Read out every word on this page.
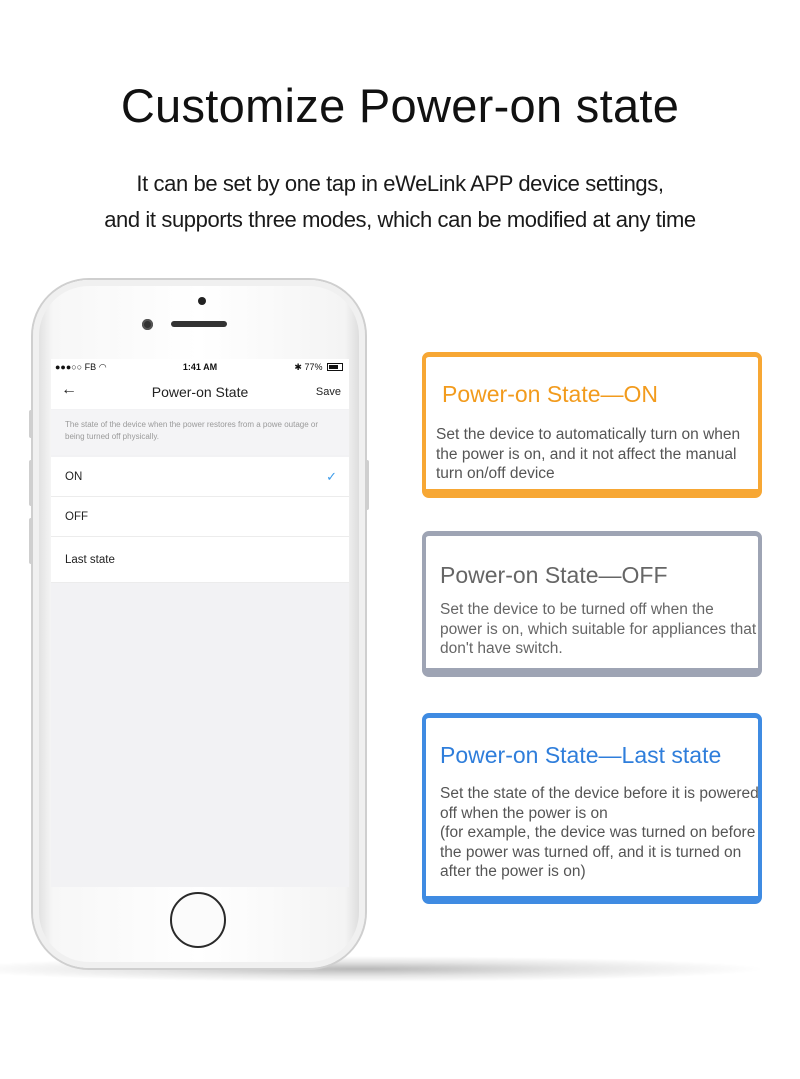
Customize Power-on state
It can be set by one tap in eWeLink APP device settings,
and it supports three modes, which can be modified at any time
●●●○○ FB ◠	1:41 AM	✱ 77%
←	Power-on State	Save
The state of the device when the power restores from a powe outage or being turned off physically.
ON	✓
OFF
Last state

Power-on State—ON

Set the device to automatically turn on when the power is on, and it not affect the manual turn on/off device

Power-on State—OFF

Set the device to be turned off when the power is on, which suitable for appliances that don't have switch.

Power-on State—Last state

Set the state of the device before it is powered off when the power is on
(for example, the device was turned on before the power was turned off, and it is turned on after the power is on)
